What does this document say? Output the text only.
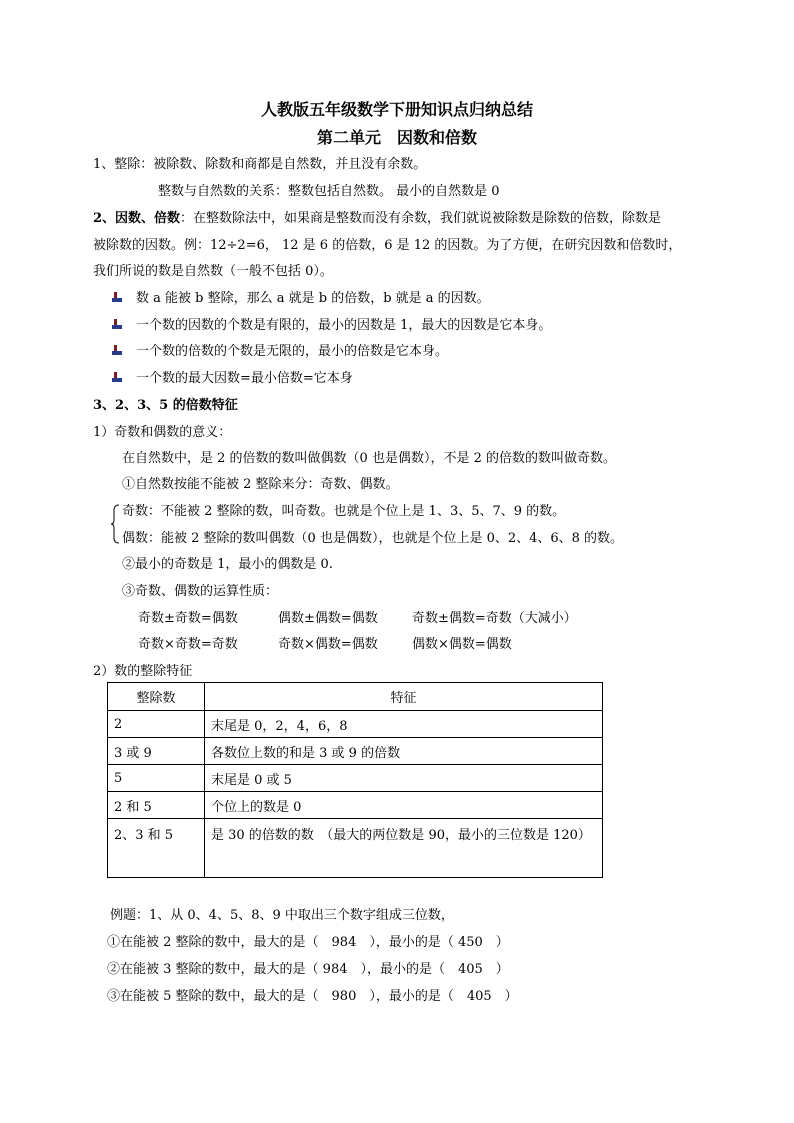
人教版五年级数学下册知识点归纳总结
第二单元　因数和倍数
1、整除：被除数、除数和商都是自然数，并且没有余数。
整数与自然数的关系：整数包括自然数。 最小的自然数是 0
2、因数、倍数：在整数除法中，如果商是整数而没有余数，我们就说被除数是除数的倍数，除数是
被除数的因数。例：12÷2=6， 12 是 6 的倍数，6 是 12 的因数。为了方便，在研究因数和倍数时，
我们所说的数是自然数（一般不包括 0）。
数 a 能被 b 整除，那么 a 就是 b 的倍数，b 就是 a 的因数。
一个数的因数的个数是有限的，最小的因数是 1，最大的因数是它本身。
一个数的倍数的个数是无限的，最小的倍数是它本身。
一个数的最大因数=最小倍数=它本身
3、2、3、5 的倍数特征
1）奇数和偶数的意义：
在自然数中，是 2 的倍数的数叫做偶数（0 也是偶数），不是 2 的倍数的数叫做奇数。
①自然数按能不能被 2 整除来分：奇数、偶数。
奇数：不能被 2 整除的数，叫奇数。也就是个位上是 1、3、5、7、9 的数。
偶数：能被 2 整除的数叫偶数（0 也是偶数），也就是个位上是 0、2、4、6、8 的数。
②最小的奇数是 1，最小的偶数是 0.
③奇数、偶数的运算性质：
奇数±奇数=偶数	偶数±偶数=偶数	奇数±偶数=奇数（大减小）
奇数×奇数=奇数	奇数×偶数=偶数	偶数×偶数=偶数
2）数的整除特征
整除数	特征
2	末尾是 0，2，4，6，8
3 或 9	各数位上数的和是 3 或 9 的倍数
5	末尾是 0 或 5
2 和 5	个位上的数是 0
2、3 和 5	是 30 的倍数的数　（最大的两位数是 90，最小的三位数是 120）
例题：1、从 0、4、5、8、9 中取出三个数字组成三位数，
①在能被 2 整除的数中，最大的是（　984　），最小的是（ 450　）
②在能被 3 整除的数中，最大的是（ 984　），最小的是（　405　）
③在能被 5 整除的数中，最大的是（　980　），最小的是（　405　）
